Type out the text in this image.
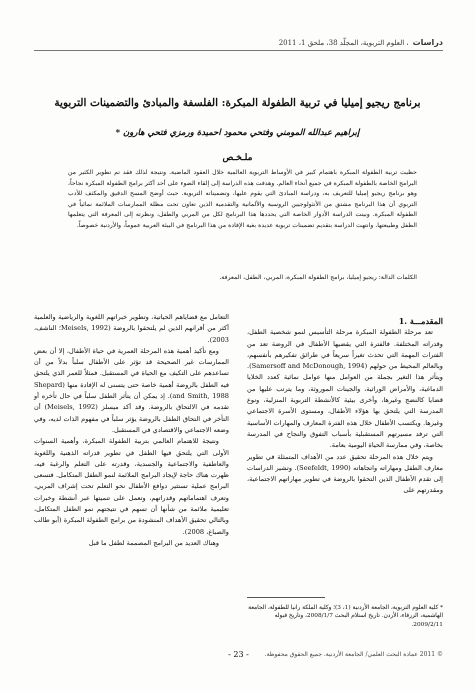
دراسات
، العلوم التربوية، المجلّد 38، ملحق 1، 2011
برنامج ريجيو إميليا في تربية الطفولة المبكرة: الفلسفة والمبادئ والتضمينات التربوية
إبراهيم عبدالله المومني وفتحي محمود احميدة ورمزي فتحي هارون *
ملـخـص

حظيت تربية الطفولة المبكرة باهتمام كبير في الأوساط التربوية العالمية خلال العقود الماضية. ونتيجة لذلك فقد تم تطوير الكثير من البرامج الخاصة بالطفولة المبكرة في جميع أنحاء العالم. وهدفت هذه الدراسة إلى إلقاء الضوء على أحد أكثر برامج الطفولة المبكرة نجاحاً، وهو برنامج ريجيو إميليا للتعريف به، ودراسة المبادئ التي يقوم عليها، وتضميناته التربوية. حيث أوضح المسح الدقيق والمكثف للأدب التربوي أن هذا البرنامج مشتق من الأنثولوجيين الروسية والألمانية والتقدمية الذين تعاون تحت مظلة الممارسات الملائمة نمائياً في الطفولة المبكرة. وبينت الدراسة الأدوار الخاصة التي يحددها هذا البرنامج لكل من المربي والطفل، ونظرته إلى المعرفة التي يتعلمها الطفل وطبيعتها. وانتهت الدراسة بتقديم تضمينات تربوية عديدة بغية الإفادة من هذا البرنامج في البيئة العربية عموماً، والأردنية خصوصاً.

الكلمات الدالة: ريجيو إميليا، برامج الطفولة المبكرة، المربي، الطفل، المعرفة.

المقدمـــة .1

تعد مرحلة الطفولة المبكرة مرحلة التأسيس لنمو شخصية الطفل، وقدراته المختلفة. فالفترة التي يقضيها الأطفال في الروضة تعد من الفترات المهمة التي تحدث تغيراً سريعاً في طرائق تفكيرهم بأنفسهم، وبالعالم المحيط من حولهم (Samersoff and McDonough, 1994). ويتأثر هذا التغير بجملة من العوامل منها عوامل نمائية كعدد الخلايا الدماغية، والأمراض الوراثية، والجينات الموروثة، وما يترتب عليها من قضايا كالنضج وغيرها، وأخرى بيئية كالأنشطة التربوية المنزلية، ونوع المدرسة التي يلتحق بها هؤلاء الأطفال، ومستوى الأسرة الاجتماعي وغيرها. ويكتسب الأطفال خلال هذه الفترة المعارف والمهارات الأساسية التي ترفد مسيرتهم المستقبلية بأسباب التفوق والنجاح في المدرسة بخاصة، وفي ممارسة الحياة اليومية بعامة.

ويتم خلال هذه المرحلة تحقيق عدد من الأهداف المتمثلة في تطوير معارف الطفل ومهاراته واتجاهاته (Seefeldt, 1990). وتشير الدراسات إلى تقدم الأطفال الذين التحقوا بالروضة في تطوير مهاراتهم الاجتماعية، ومقدرتهم على

التعامل مع قضاياهم الحياتية، وتطوير خبراتهم اللغوية والرياضية والعلمية أكثر من أقرانهم الذين لم يلتحقوا بالروضة (Meisels, 1992؛ الناشف، 2003).

ومع تأكيد أهمية هذه المرحلة العمرية في حياة الأطفال، إلا أن بعض الممارسات غير الصحيحة قد تؤثر على الأطفال سلباً بدلاً من أن تساعدهم على التكيف مع الحياة في المستقبل. فمثلاً للعمر الذي يلتحق فيه الطفل بالروضة أهمية خاصة حتى يتسنى له الإفادة منها (Shepard and Smith, 1988). إذ يمكن أن يتأثر الطفل سلباً في حال تأخره أو تقدمه في الالتحاق بالروضة. وقد أكد ميسلز (Meisels, 1992) أن التأخر في التحاق الطفل بالروضة يؤثر سلباً في مفهوم الذات لديه، وفي وضعه الاجتماعي والاقتصادي في المستقبل.

ونتيجة للاهتمام العالمي بتربية الطفولة المبكرة، وأهمية السنوات الأولى التي يلتحق فيها الطفل في تطوير قدراته الذهنية واللغوية والعاطفية والاجتماعية والجسدية، وقدرته على التعلم والرغبة فيه، ظهرت هناك حاجة لإيجاد البرامج الملائمة لنمو الطفل المتكامل. فتسعى البرامج عملية تستثير دوافع الأطفال نحو التعلم تحت إشراف المربي، وتعرف اهتماماتهم وقدراتهم، وتعمل على تنميتها عبر أنشطة وخبرات تعليمية ملائمة من شأنها أن تسهم في نتيجتهم نمو الطفل المتكامل، وبالتالي تحقيق الأهداف المنشودة من برامج الطفولة المبكرة (أبو طالب والصباغ، 2008).

وهناك العديد من البرامج المصممة لطفل ما قبل

* كلية العلوم التربوية، الجامعة الأردنية (1، 3)؛ وكلية الملكة رانيا للطفولة، الجامعة الهاشمية، الزرقاء، الأردن. تاريخ استلام البحث 2008/1/7، وتاريخ قبوله 2009/2/11.

- 23 -	© 2011 عمادة البحث العلمي/ الجامعة الأردنية. جميع الحقوق محفوظة.
